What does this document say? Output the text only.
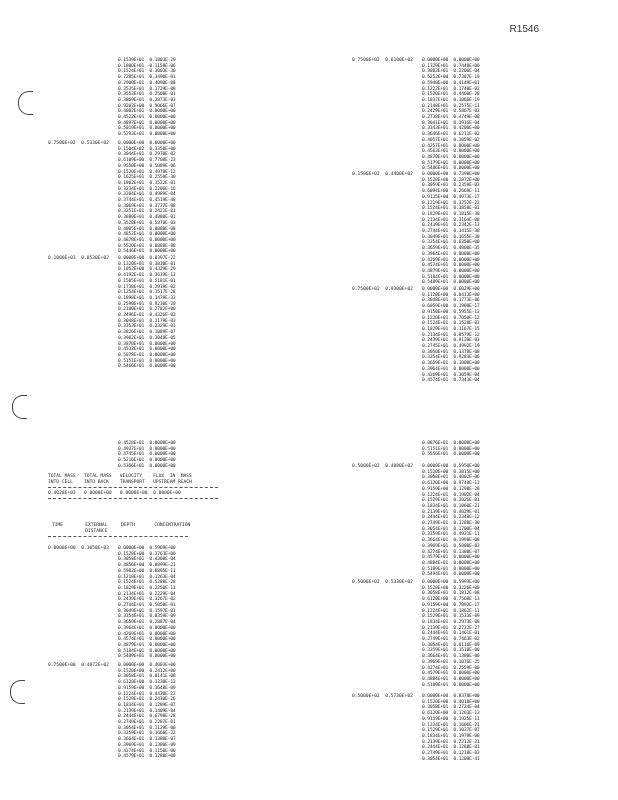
R1546
0.1539E+01  0.1803E-29
0.1800E+01 -0.1158E-06
0.1524E+01  0.3003E-30
0.7285E+01  0.3490E-01
0.2900E+01  0.4090E-08
0.3535E+01  0.1729E-08
0.3553E+01  0.2508E-01
0.3869E+01  0.3873E-03
0.9202E+00  0.9066E-07
0.4082E+01  0.0000E+00
0.4522E+01  0.0000E+00
0.4897E+01  0.0000E+00
0.5019E+01  0.0000E+00
0.5293E+01  0.0000E+00
0.7500E+02  0.5330E+02 0.0000E+00  0.6000E+00
0.1504E+02  0.3350E+00
0.3044E+01  0.2970E-02
0.6109E+00  0.7708E-23
0.9550E+00  0.5089E-06
0.1520E+01  0.4978E-12
0.1625E+01  0.2558E-30
0.1802E+01  0.1522E-01
0.3234E+01  0.2206E-16
0.3204E+01  0.4989E-04
0.3744E+01  0.4519E-48
0.3069E+01  0.3737E-08
0.3251E+01  0.2421E-01
0.3880E+01  0.4880E-01
0.3520E+01  0.5870E-03
0.4085E+01  0.0880E-08
0.4852E+01  0.0000E+00
0.4878E+01  0.0000E+00
0.5520E+01  0.8888E-88
0.5446E+01  0.0000E+00
0.1000E+03  0.8530E+02 0.0000E+00  0.8397E-22
0.1320E+01  0.3830E-01
0.1052E+00  0.4329E-29
0.4192E+01  0.3639E-13
0.1505E+01  0.5181E-01
0.1738E+01  0.2919E-02
0.1254E+01  0.1517E-28
0.1898E+01  0.1479E-33
0.2590E+01  0.9230E-20
0.2180E+01  0.2782E+00
0.2496E+01 -0.4326E-03
0.3048E+01  0.1179E-03
0.3353E+01  0.2329E-01
0.3826E+01  0.1089E-07
0.3982E+01  0.3048E-05
0.3870E+01  0.0000E+00
0.4532E+01  0.0000E+00
0.5078E+01  0.0000E+00
0.5151E+01  0.0000E+00
0.5466E+01  0.0000E+00
0.7500E+02  0.6100E+02 0.0000E+00  0.0000E+00
0.1329E+01  0.7440E+00
0.3803E+01  0.2206E-04
0.5252E+00  0.7387E-19
0.5940E+00  0.4149E+01
0.1222E+01  0.1740E-02
0.1520E+01  0.4460E-28
0.1837E+01  0.1066E-19
0.2148E+01  0.2575E-11
0.2429E+01  0.5867E-03
0.2738E+01  0.4749E-08
0.3041E+01  0.1916E-04
0.3343E+01  0.4200E+00
0.3646E+01  0.6211E-02
0.4057E+01  0.1059E-02
0.4257E+01  0.0000E+00
0.4563E+01  0.0000E+00
0.4870E+01  0.0000E+00
0.5179E+01  0.0000E+00
0.5486E+01  0.0000E+00
0.1500E+02  0.4400E+02 0.0000E+00  0.7398E+00
0.1520E+00  0.2872E+00
0.3059E+01  0.2359E-03
0.6094E+00  0.2669E-11
0.9135E+00  0.4973E-17
0.1219E+01  0.3252E-22
0.1524E+01  0.3858E-01
0.1829E+01  0.1815E-30
0.2134E+01  0.3164E-08
0.2439E+01  0.2342E-13
0.2744E+01  0.1415E-30
0.3049E+01  0.1655E-30
0.3354E+01  0.6350E+00
0.3659E+01  0.4800E-35
0.3964E+01  0.0000E+00
0.4269E+01  0.0000E+00
0.4574E+01  0.0000E+00
0.4879E+01  0.0000E+00
0.5184E+01  0.0000E+00
0.5489E+01  0.0000E+00
0.7500E+02  0.9300E+02 0.0000E+00  0.6029E+00
0.1120E+00  0.8413E+00
0.3048E+01  0.1773E-06
0.6059E+00  0.1908E-17
0.9150E+00  0.5955E-13
0.1220E+01  0.7050E-12
0.1524E+01  0.1528E-03
0.1829E+01  0.1167E-15
0.2134E+01  0.8579E-12
0.2439E+01  0.9120E-03
0.2745E+01  0.4992E-19
0.3050E+01  0.3378E-08
0.3354E+01  0.9283E-06
0.3659E+01  0.1000E+00
0.3964E+01  0.0000E+00
0.4269E+01  0.3059E-04
0.4574E+01  0.7343E-04
0.4528E+01  0.0000E+00
0.4937E+01  0.0000E+00
0.4745E+01  0.0000E+00
0.5216E+01  0.0000E+00
0.5366E+01  0.0000E+00
TOTAL MASS   TOTAL MASS   VELOCITY    FLUX  IN  MASS
INTO CELL    INTO BACK    TRANSPORT   UPSTREAM REACH
0.4028E+03   0.0000E+00   0.0000E+00  0.0000E+00
TIME        EXTERNAL     DEPTH       CONCENTRATION
DISTANCE
0.0000E+00  0.3058E+03 0.0000E+00  0.5969E+00
0.1528E+00  0.3763E+00
0.3058E+01  0.4308E-04
0.4856E+00  0.8899E-21
0.5982E+00  0.8895E-11
0.1218E+01  0.1263E-04
0.1524E+01  0.5288E-28
0.1829E+01  0.2250E-11
0.2134E+01  0.2229E-04
0.2439E+01  0.3267E-02
0.2744E+01  0.5050E-01
0.3049E+01  0.1597E-03
0.3354E+01  0.8359E-09
0.3659E+01  0.2887E-04
0.3964E+01  0.0000E+00
0.4269E+01  0.0000E+00
0.4574E+01  0.0000E+00
0.4879E+01  0.0000E+00
0.5184E+01  0.0000E+00
0.5489E+01  0.0000E+00
0.7500E+00  0.4872E+02 0.0000E+00  0.4003E+00
0.1520E+00  0.2412E+00
0.3058E+01  0.8141E-08
0.6120E+00  0.1230E-13
0.9159E+00  0.1648E-09
0.1224E+01  0.4430E-22
0.1529E+01  0.2430E-26
0.1834E+01  0.1289E-07
0.2139E+01  0.1409E-04
0.2444E+01  0.6798E-28
0.2749E+01  0.2287E-01
0.3054E+01  0.1129E-00
0.3359E+01  0.1660E-22
0.3664E+01  0.1380E-07
0.3969E+01  0.1380E-09
0.4274E+01  0.1150E-00
0.4579E+01  0.1280E+00
0.8876E+01  0.0000E+00
0.5151E+01  0.0000E+00
0.5556E+01  0.0000E+00
0.5000E+02  0.4880E+02 0.0000E+00  0.5950E+00
0.1520E+00  0.3815E+00
0.3058E+01  0.4002E-06
0.6120E+00  0.9740E-13
0.9159E+00  0.1298E-20
0.1224E+01  0.1902E-04
0.1529E+01  0.2026E-01
0.1834E+01  0.1060E-21
0.2139E+01  0.4029E-01
0.2444E+01  0.2348E-12
0.2749E+01  0.1288E-30
0.3054E+01  0.1700E-04
0.3359E+01  0.4931E-11
0.3664E+01  0.1998E-08
0.3969E+01  0.5800E-03
0.4274E+01  0.1380E-07
0.4579E+01  0.0000E+00
0.4884E+01  0.0000E+00
0.5189E+01  0.0000E+00
0.5494E+01  0.0000E+00
0.5000E+02  0.5330E+02 0.0000E+00  0.5993E+00
0.1520E+00  0.3226E+00
0.3058E+01  0.1812E-08
0.6120E+00  0.7568E-13
0.9159E+00  0.7892E-17
0.1224E+01  0.1862E-11
0.1529E+01  0.1533E-09
0.1834E+01  0.2973E-08
0.2139E+01  0.2722E-27
0.2444E+01  0.1461E-01
0.2749E+01  0.7463E-02
0.3054E+01  0.6116E-09
0.3359E+01  0.1510E-00
0.3664E+01  0.1380E-00
0.3969E+01  0.1076E-25
0.4274E+01  0.2559E-00
0.4579E+01  0.0000E+00
0.4884E+01  0.0000E+00
0.5189E+01  0.0000E+00
0.5000E+02  0.5730E+02 0.0000E+00  0.8378E+00
0.1520E+00  0.4018E+00
0.3058E+01  0.2724E-04
0.6120E+00  0.1263E-13
0.9159E+00  0.1925E-11
0.1224E+01  0.1606E-21
0.1529E+01  0.1027E-07
0.1834E+01  0.1979E-08
0.2139E+01  0.2212E-21
0.2444E+01  0.1288E-01
0.2749E+01  0.1218E-03
0.3054E+01  0.1208E-41
